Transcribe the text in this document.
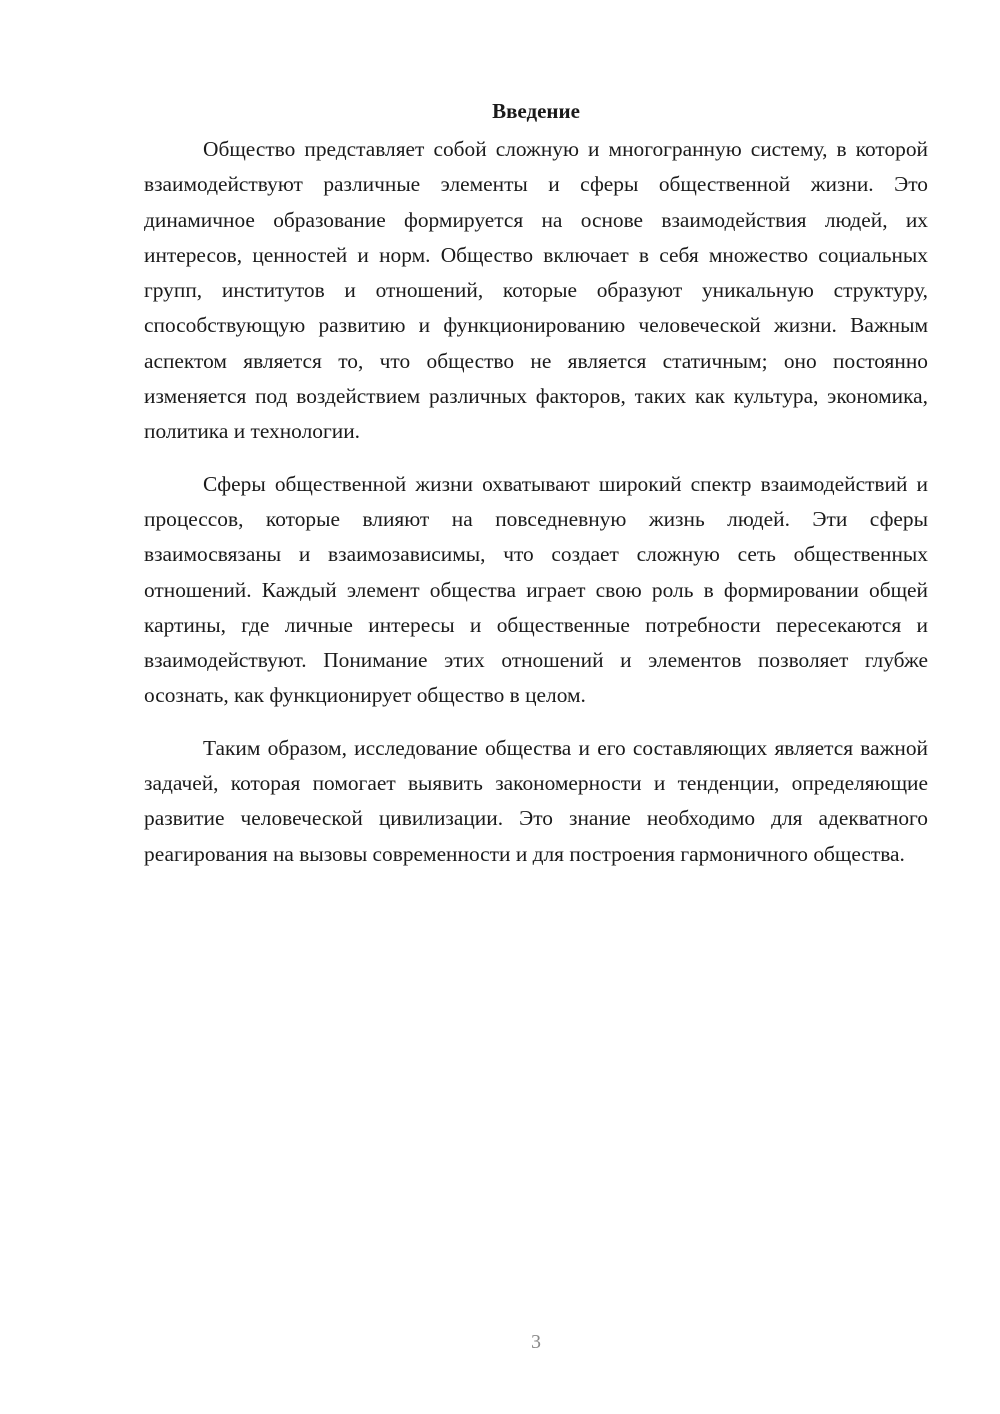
Введение

Общество представляет собой сложную и многогранную систему, в которой взаимодействуют различные элементы и сферы общественной жизни. Это динамичное образование формируется на основе взаимодействия людей, их интересов, ценностей и норм. Общество включает в себя множество социальных групп, институтов и отношений, которые образуют уникальную структуру, способствующую развитию и функционированию человеческой жизни. Важным аспектом является то, что общество не является статичным; оно постоянно изменяется под воздействием различных факторов, таких как культура, экономика, политика и технологии.

Сферы общественной жизни охватывают широкий спектр взаимодействий и процессов, которые влияют на повседневную жизнь людей. Эти сферы взаимосвязаны и взаимозависимы, что создает сложную сеть общественных отношений. Каждый элемент общества играет свою роль в формировании общей картины, где личные интересы и общественные потребности пересекаются и взаимодействуют. Понимание этих отношений и элементов позволяет глубже осознать, как функционирует общество в целом.

Таким образом, исследование общества и его составляющих является важной задачей, которая помогает выявить закономерности и тенденции, определяющие развитие человеческой цивилизации. Это знание необходимо для адекватного реагирования на вызовы современности и для построения гармоничного общества.

3
